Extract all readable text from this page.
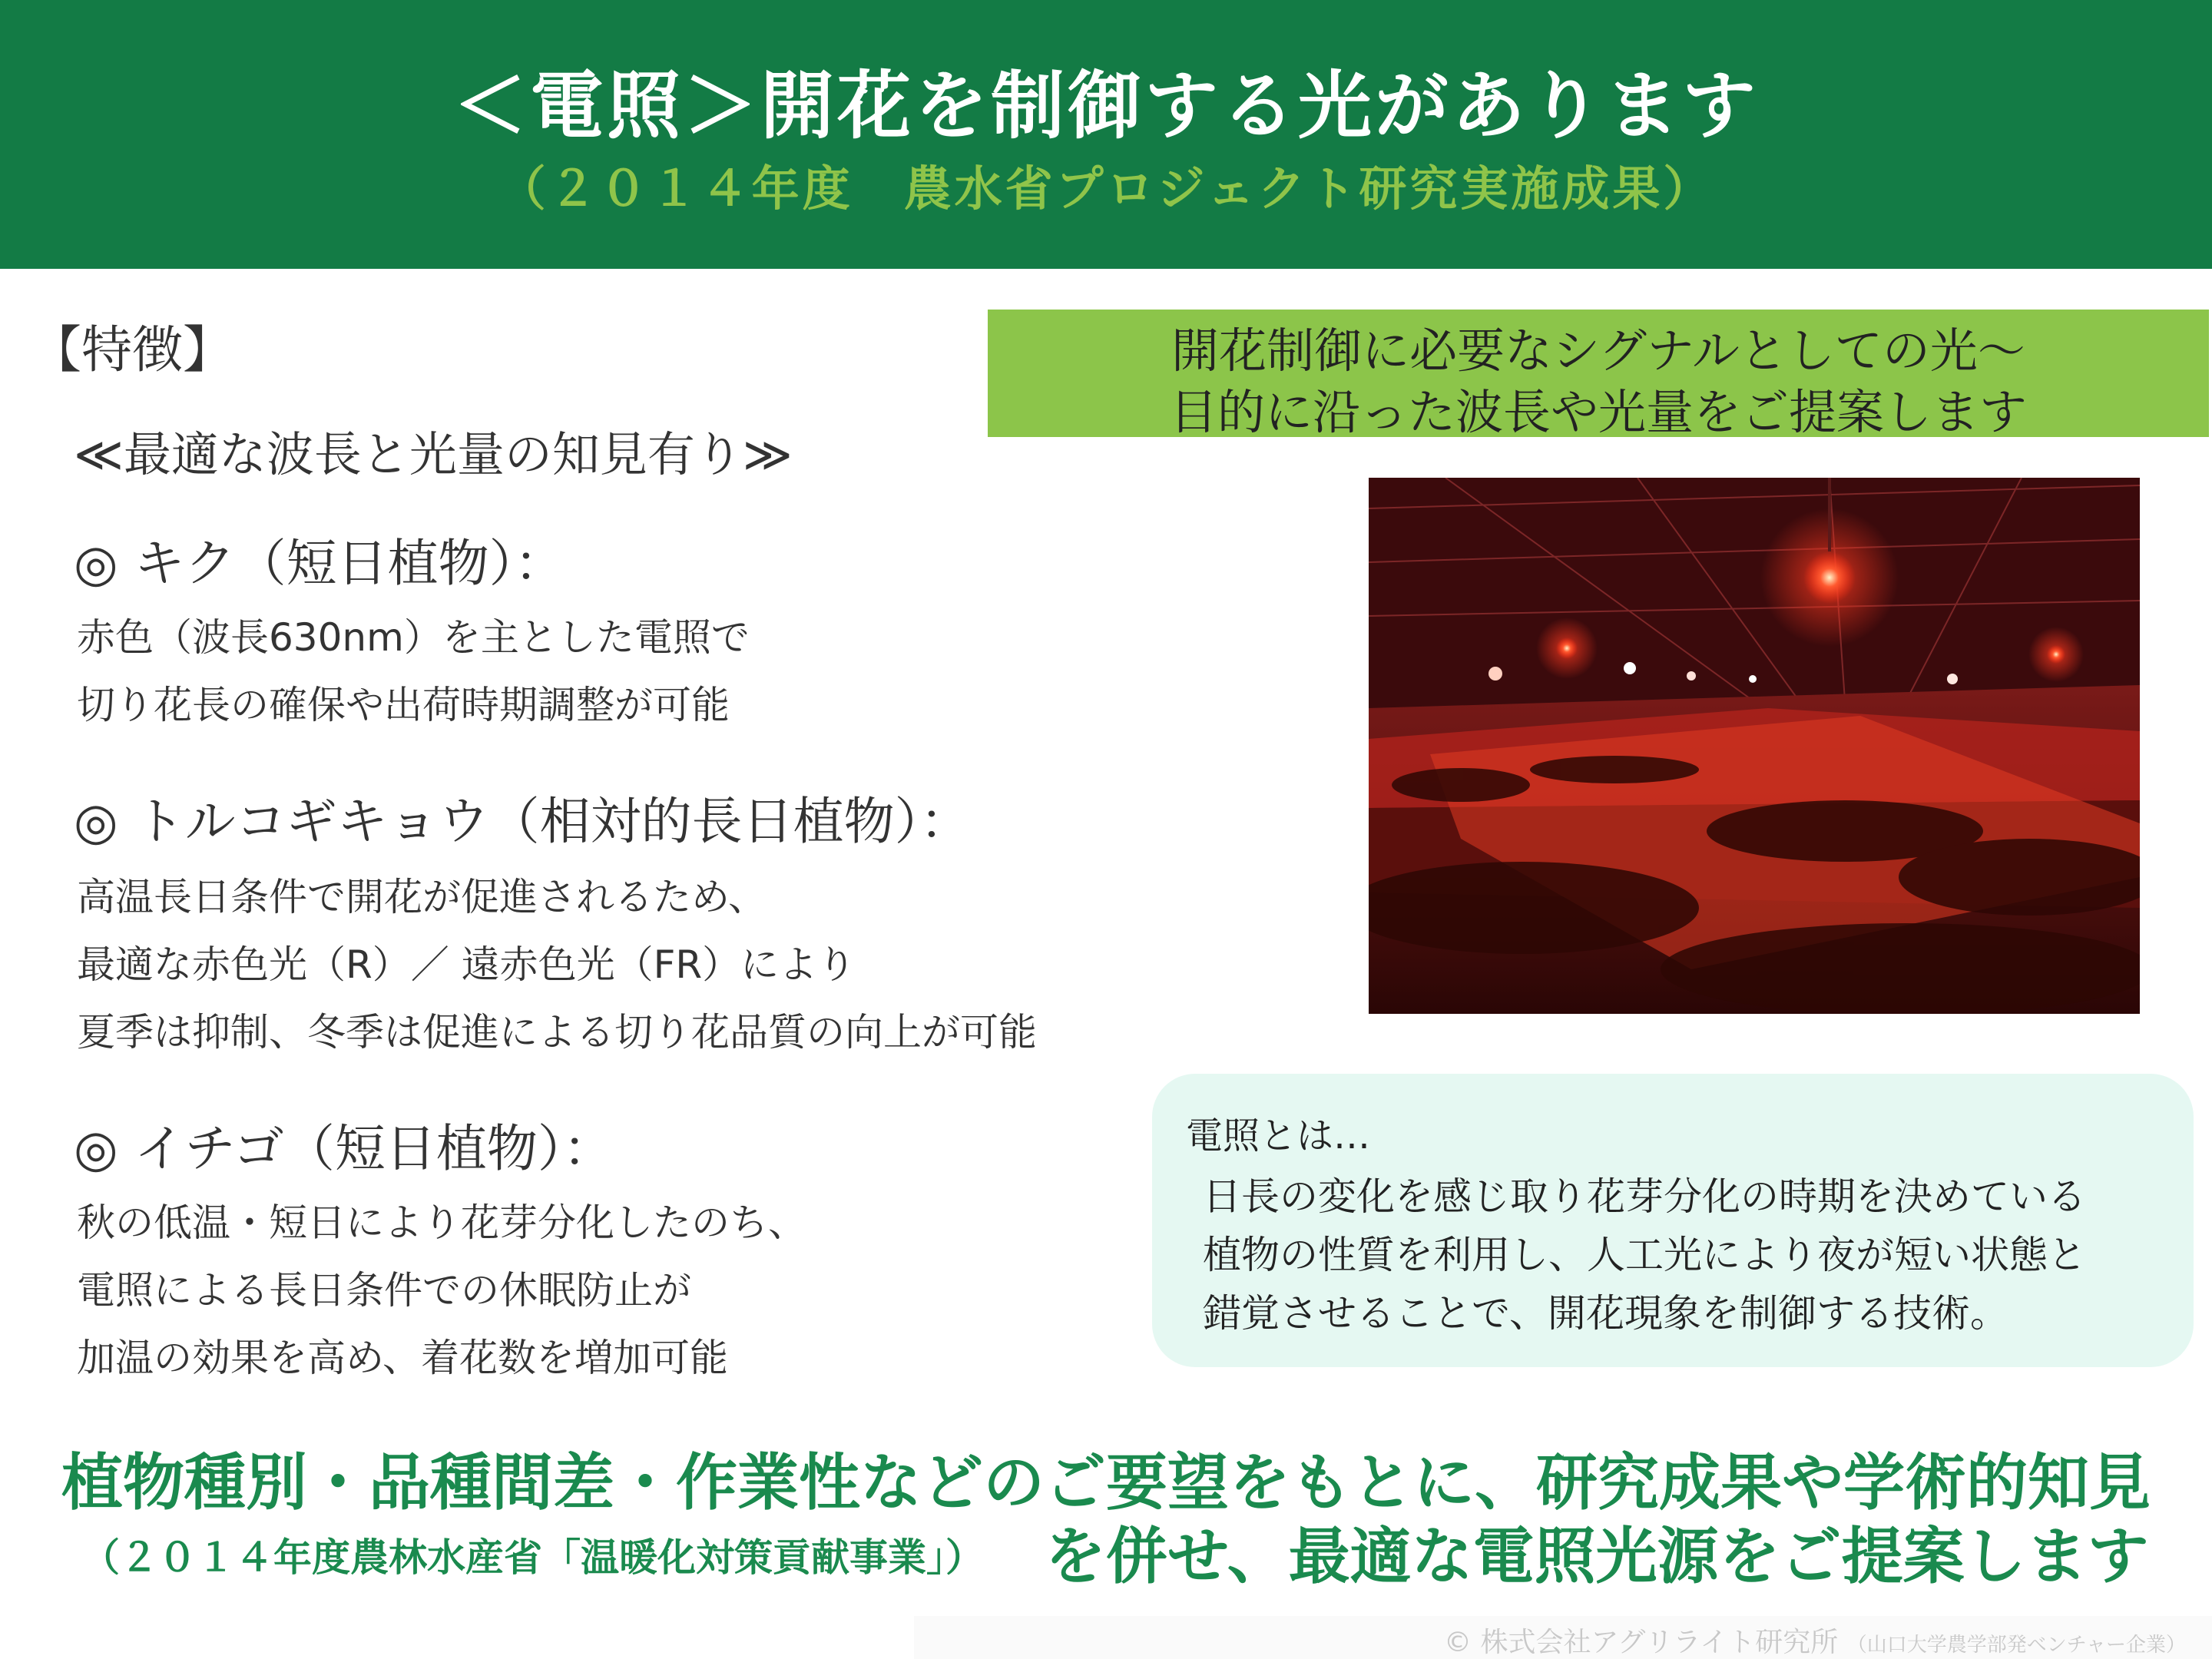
＜電照＞開花を制御する光があります
（２０１４年度　農水省プロジェクト研究実施成果）
【特徴】
≪最適な波長と光量の知見有り≫
◎ キク（短日植物）：
赤色（波長630nm）を主とした電照で
切り花長の確保や出荷時期調整が可能
◎ トルコギキョウ（相対的長日植物）：
高温長日条件で開花が促進されるため、
最適な赤色光（R）／ 遠赤色光（FR）により
夏季は抑制、冬季は促進による切り花品質の向上が可能
◎ イチゴ（短日植物）：
秋の低温・短日により花芽分化したのち、
電照による長日条件での休眠防止が
加温の効果を高め、着花数を増加可能
開花制御に必要なシグナルとしての光～
目的に沿った波長や光量をご提案します
電照とは…
日長の変化を感じ取り花芽分化の時期を決めている
植物の性質を利用し、人工光により夜が短い状態と
錯覚させることで、開花現象を制御する技術。
植物種別・品種間差・作業性などのご要望をもとに、研究成果や学術的知見
（２０１４年度農林水産省「温暖化対策貢献事業」） を併せ、最適な電照光源をご提案します
© 株式会社アグリライト研究所 （山口大学農学部発ベンチャー企業）
